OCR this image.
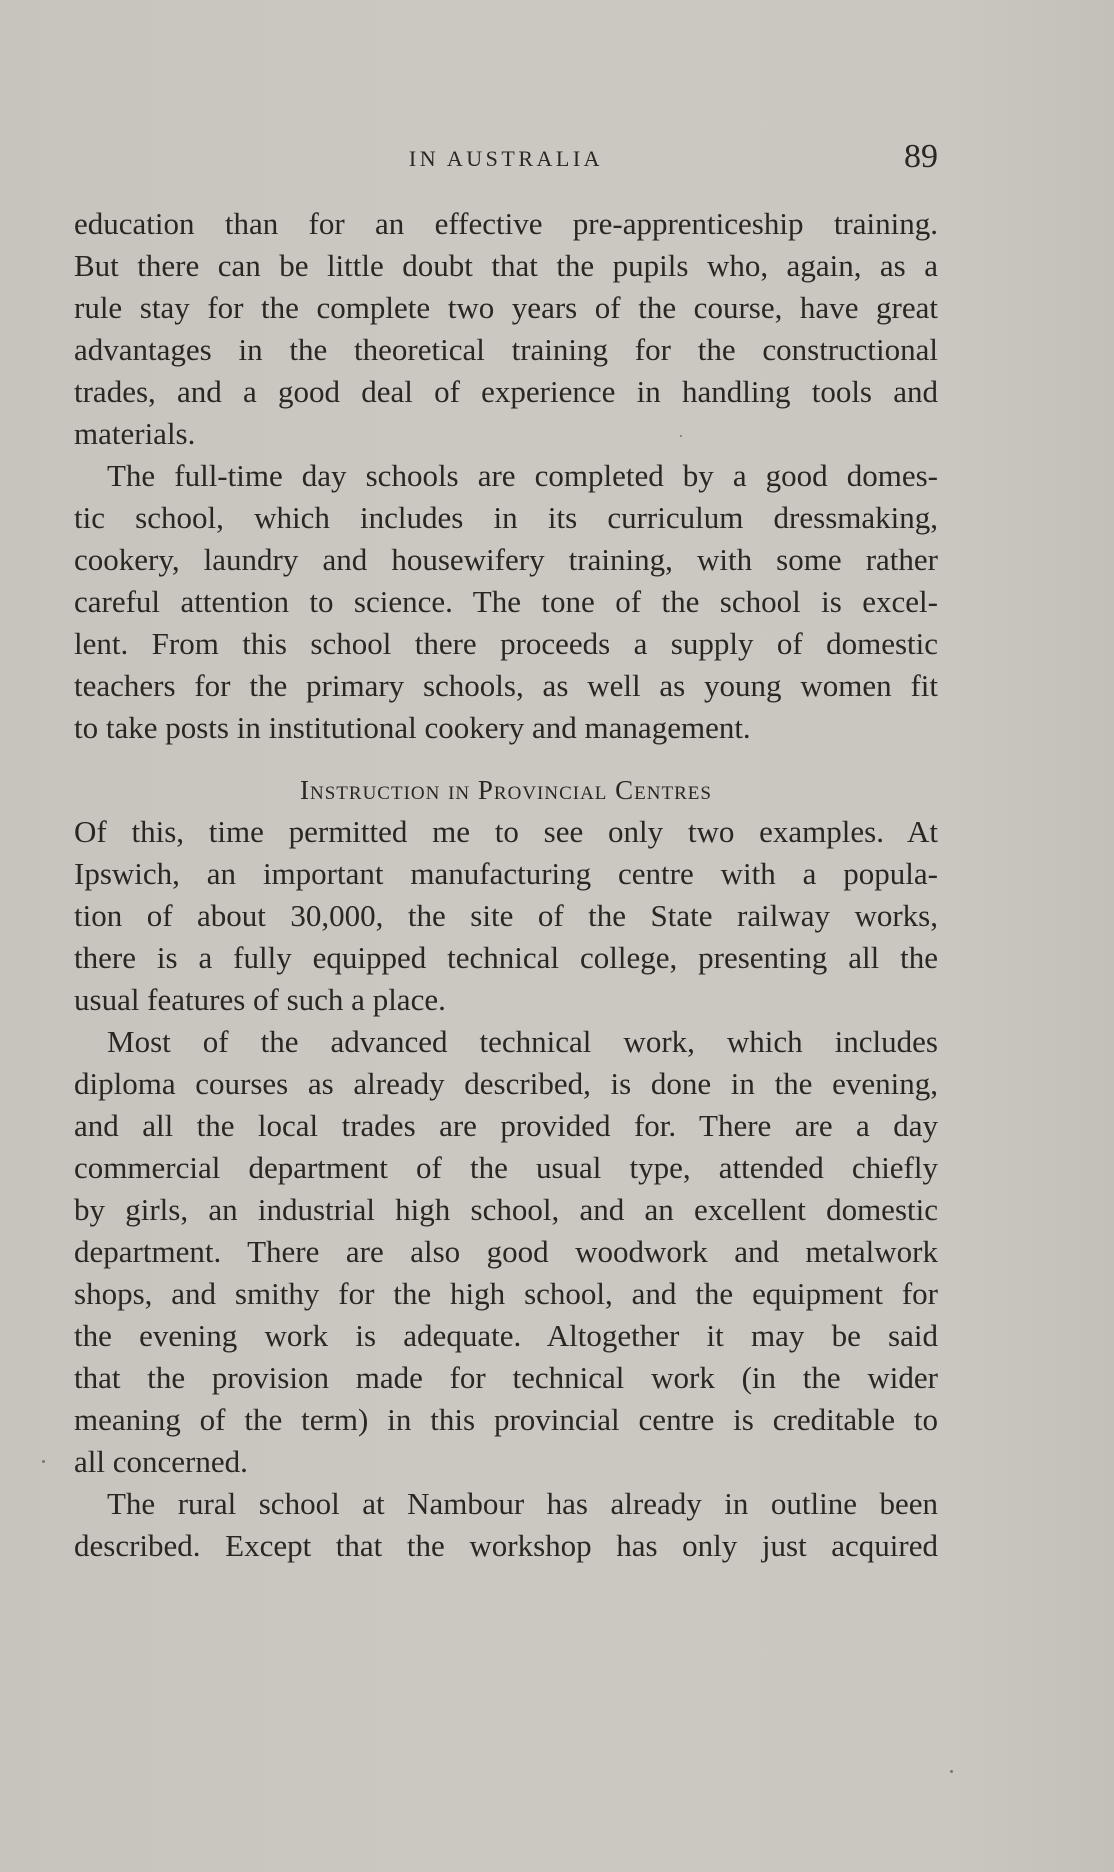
IN AUSTRALIA	89
education than for an effective pre-apprenticeship training.
But there can be little doubt that the pupils who, again, as a
rule stay for the complete two years of the course, have great
advantages in the theoretical training for the constructional
trades, and a good deal of experience in handling tools and
materials.
The full-time day schools are completed by a good domes-
tic school, which includes in its curriculum dressmaking,
cookery, laundry and housewifery training, with some rather
careful attention to science. The tone of the school is excel-
lent. From this school there proceeds a supply of domestic
teachers for the primary schools, as well as young women fit
to take posts in institutional cookery and management.
Instruction in Provincial Centres
Of this, time permitted me to see only two examples. At
Ipswich, an important manufacturing centre with a popula-
tion of about 30,000, the site of the State railway works,
there is a fully equipped technical college, presenting all the
usual features of such a place.
Most of the advanced technical work, which includes
diploma courses as already described, is done in the evening,
and all the local trades are provided for. There are a day
commercial department of the usual type, attended chiefly
by girls, an industrial high school, and an excellent domestic
department. There are also good woodwork and metalwork
shops, and smithy for the high school, and the equipment for
the evening work is adequate. Altogether it may be said
that the provision made for technical work (in the wider
meaning of the term) in this provincial centre is creditable to
all concerned.
The rural school at Nambour has already in outline been
described. Except that the workshop has only just acquired
